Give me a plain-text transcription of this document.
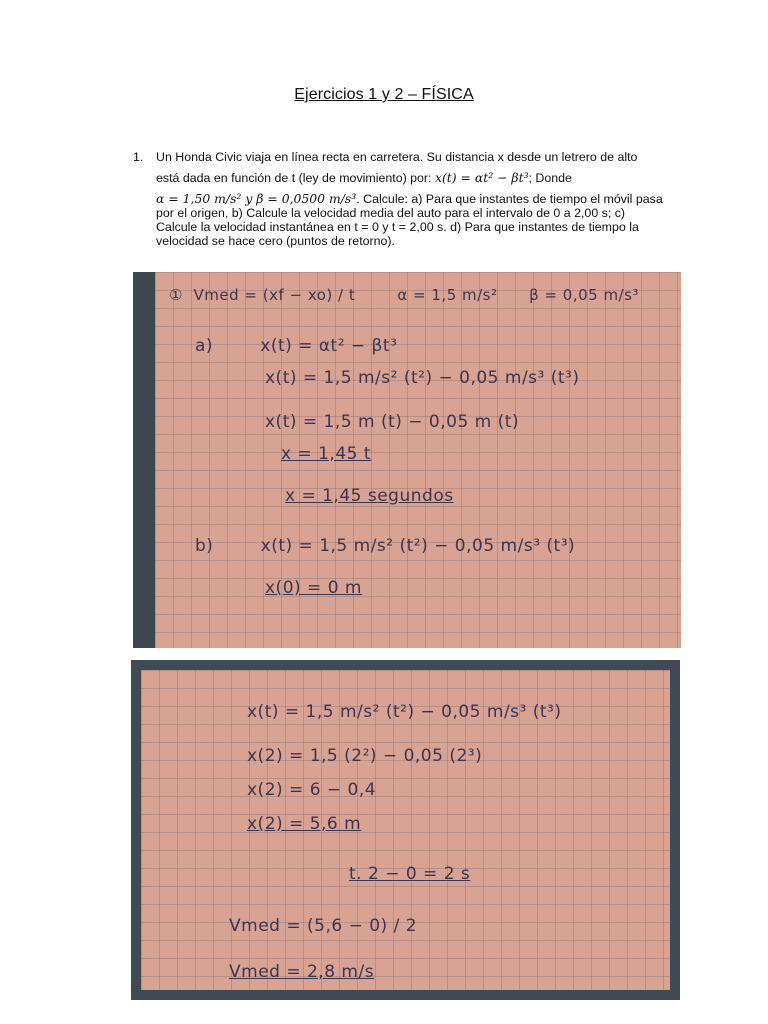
Ejercicios 1 y 2 – FÍSICA
1. Un Honda Civic viaja en línea recta en carretera. Su distancia x desde un letrero de alto

está dada en función de t (ley de movimiento) por: x(t) = αt² − βt³; Donde

α = 1,50 m/s² y β = 0,0500 m/s³. Calcule: a) Para que instantes de tiempo el móvil pasa por el origen, b) Calcule la velocidad media del auto para el intervalo de 0 a 2,00 s; c) Calcule la velocidad instantánea en t = 0 y t = 2,00 s. d) Para que instantes de tiempo la velocidad se hace cero (puntos de retorno).

①  Vmed = (xf − xo) / t        α = 1,5 m/s²      β = 0,05 m/s³
a)        x(t) = αt² − βt³
x(t) = 1,5 m/s² (t²) − 0,05 m/s³ (t³)
x(t) = 1,5 m (t) − 0,05 m (t)
x = 1,45 t
x = 1,45 segundos
b)        x(t) = 1,5 m/s² (t²) − 0,05 m/s³ (t³)
x(0) = 0 m
x(t) = 1,5 m/s² (t²) − 0,05 m/s³ (t³)
x(2) = 1,5 (2²) − 0,05 (2³)
x(2) = 6 − 0,4
x(2) = 5,6 m
t. 2 − 0 = 2 s
Vmed = (5,6 − 0) / 2
Vmed = 2,8 m/s
